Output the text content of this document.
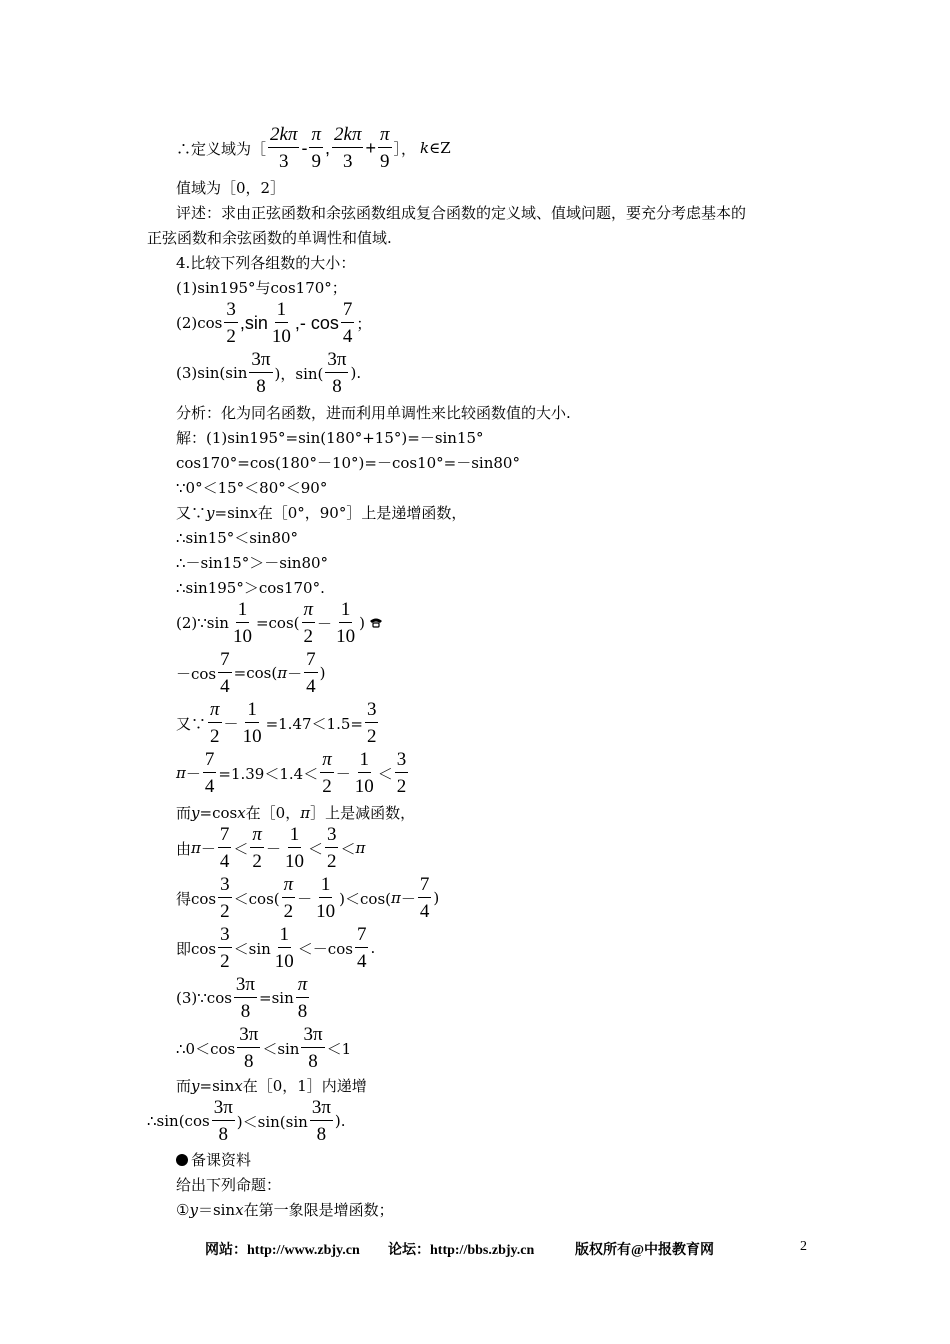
∴定义域为［ $\frac{2k\pi}{3} - \frac{\pi}{9}$ , $\frac{2k\pi}{3} + \frac{\pi}{9}$ ］， k ∈Z
值域为［0，2］
评述：求由正弦函数和余弦函数组成复合函数的定义域、值域问题，要充分考虑基本的
正弦函数和余弦函数的单调性和值域.
4.比较下列各组数的大小：
(1)sin195°与cos170°；
$(2)\cos \frac{3}{2} ,\sin \frac{1}{10}$ ,- $\cos \frac{7}{4}$ ；
$(3)\sin(\sin \frac{3\pi}{8}$ )，$\sin( \frac{3\pi}{8}$ ).
分析：化为同名函数，进而利用单调性来比较函数值的大小.
解：(1)sin195°=sin(180°+15°)=－sin15°
cos170°=cos(180°－10°)=－cos10°=－sin80°
∵0°＜15°＜80°＜90°
又∵ y =sin x 在［0°，90°］上是递增函数，
∴sin15°＜sin80°
∴－sin15°＞－sin80°
∴sin195°＞cos170°.
(2)∵sin $\frac{1}{10} =\cos( \frac{\pi}{2} - \frac{1}{10}$ )
$-\cos \frac{7}{4} =\cos$( $\pi - \frac{7}{4}$ )
又∵ $\frac{\pi}{2} - \frac{1}{10} =1.47<1.5= \frac{3}{2}$
$\pi - \frac{7}{4} =1.39<1.4< \frac{\pi}{2} - \frac{1}{10} < \frac{3}{2}$
而 y =cos x 在［0， π ］上是减函数，
由 $\pi - \frac{7}{4} < \frac{\pi}{2} - \frac{1}{10} < \frac{3}{2} < \pi$
得$\cos \frac{3}{2} <\cos( \frac{\pi}{2} - \frac{1}{10} )<\cos$( $\pi - \frac{7}{4}$ )
即$\cos \frac{3}{2} <\sin \frac{1}{10} <-\cos \frac{7}{4}$ .
(3)∵cos $\frac{3\pi}{8} =\sin \frac{\pi}{8}$
∴0＜cos $\frac{3\pi}{8} <\sin \frac{3\pi}{8} <1$
而 y =sin x 在［0，1］内递增
∴sin(cos $\frac{3\pi}{8} )<\sin(\sin \frac{3\pi}{8}$ ).
备课资料
给出下列命题：
① y ＝sin x 在第一象限是增函数；
网站：http://www.zbjy.cn 论坛：http://bbs.zbjy.cn	版权所有@中报教育网	2
